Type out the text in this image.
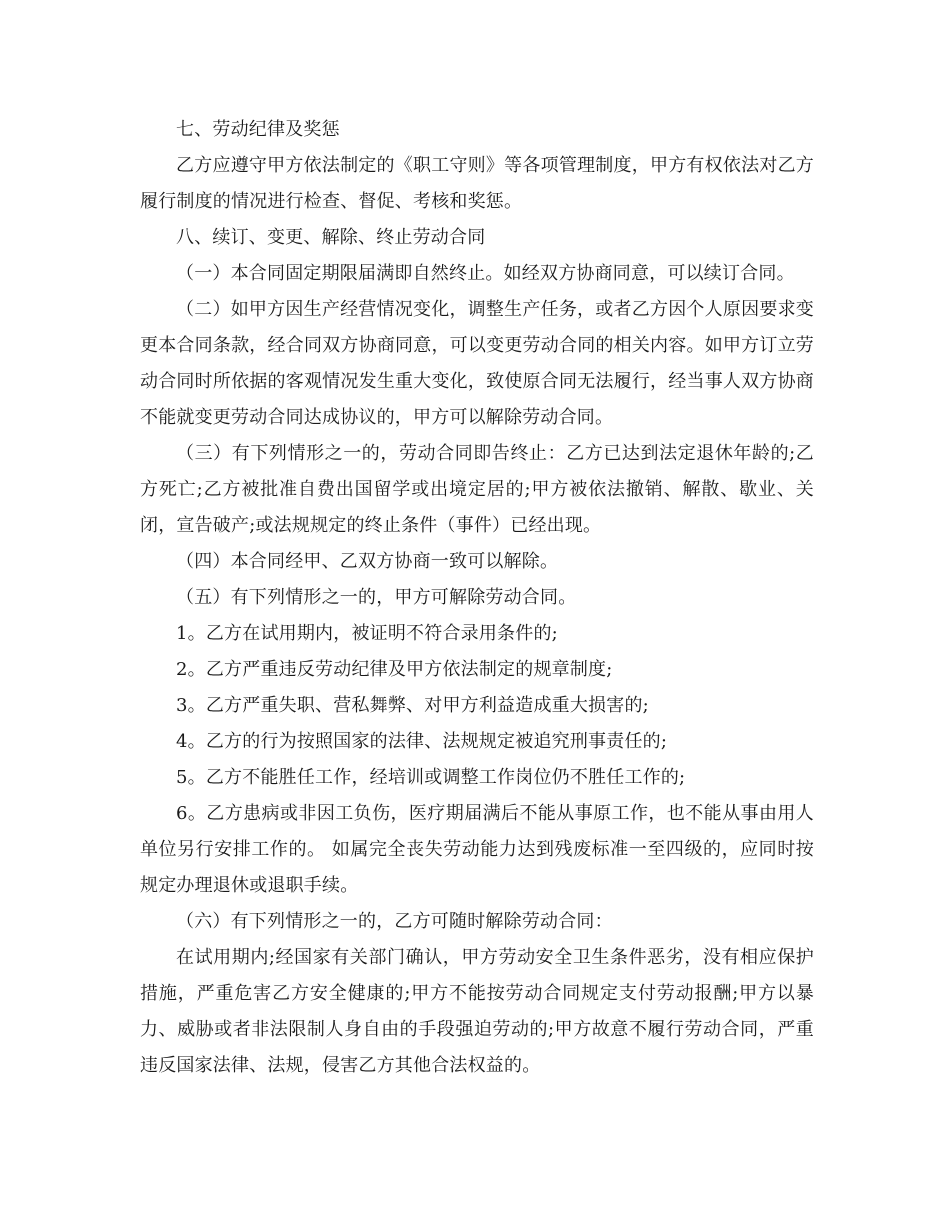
七、劳动纪律及奖惩

乙方应遵守甲方依法制定的《职工守则》等各项管理制度，甲方有权依法对乙方履行制度的情况进行检查、督促、考核和奖惩。

八、续订、变更、解除、终止劳动合同

（一）本合同固定期限届满即自然终止。如经双方协商同意，可以续订合同。

（二）如甲方因生产经营情况变化，调整生产任务，或者乙方因个人原因要求变更本合同条款，经合同双方协商同意，可以变更劳动合同的相关内容。如甲方订立劳动合同时所依据的客观情况发生重大变化，致使原合同无法履行，经当事人双方协商不能就变更劳动合同达成协议的，甲方可以解除劳动合同。

（三）有下列情形之一的，劳动合同即告终止：乙方已达到法定退休年龄的;乙方死亡;乙方被批准自费出国留学或出境定居的;甲方被依法撤销、解散、歇业、关闭，宣告破产;或法规规定的终止条件（事件）已经出现。

（四）本合同经甲、乙双方协商一致可以解除。

（五）有下列情形之一的，甲方可解除劳动合同。

1。乙方在试用期内，被证明不符合录用条件的;

2。乙方严重违反劳动纪律及甲方依法制定的规章制度;

3。乙方严重失职、营私舞弊、对甲方利益造成重大损害的;

4。乙方的行为按照国家的法律、法规规定被追究刑事责任的;

5。乙方不能胜任工作，经培训或调整工作岗位仍不胜任工作的;

6。乙方患病或非因工负伤，医疗期届满后不能从事原工作，也不能从事由用人单位另行安排工作的。 如属完全丧失劳动能力达到残废标准一至四级的，应同时按规定办理退休或退职手续。

（六）有下列情形之一的，乙方可随时解除劳动合同：

在试用期内;经国家有关部门确认，甲方劳动安全卫生条件恶劣，没有相应保护措施，严重危害乙方安全健康的;甲方不能按劳动合同规定支付劳动报酬;甲方以暴力、威胁或者非法限制人身自由的手段强迫劳动的;甲方故意不履行劳动合同，严重违反国家法律、法规，侵害乙方其他合法权益的。
